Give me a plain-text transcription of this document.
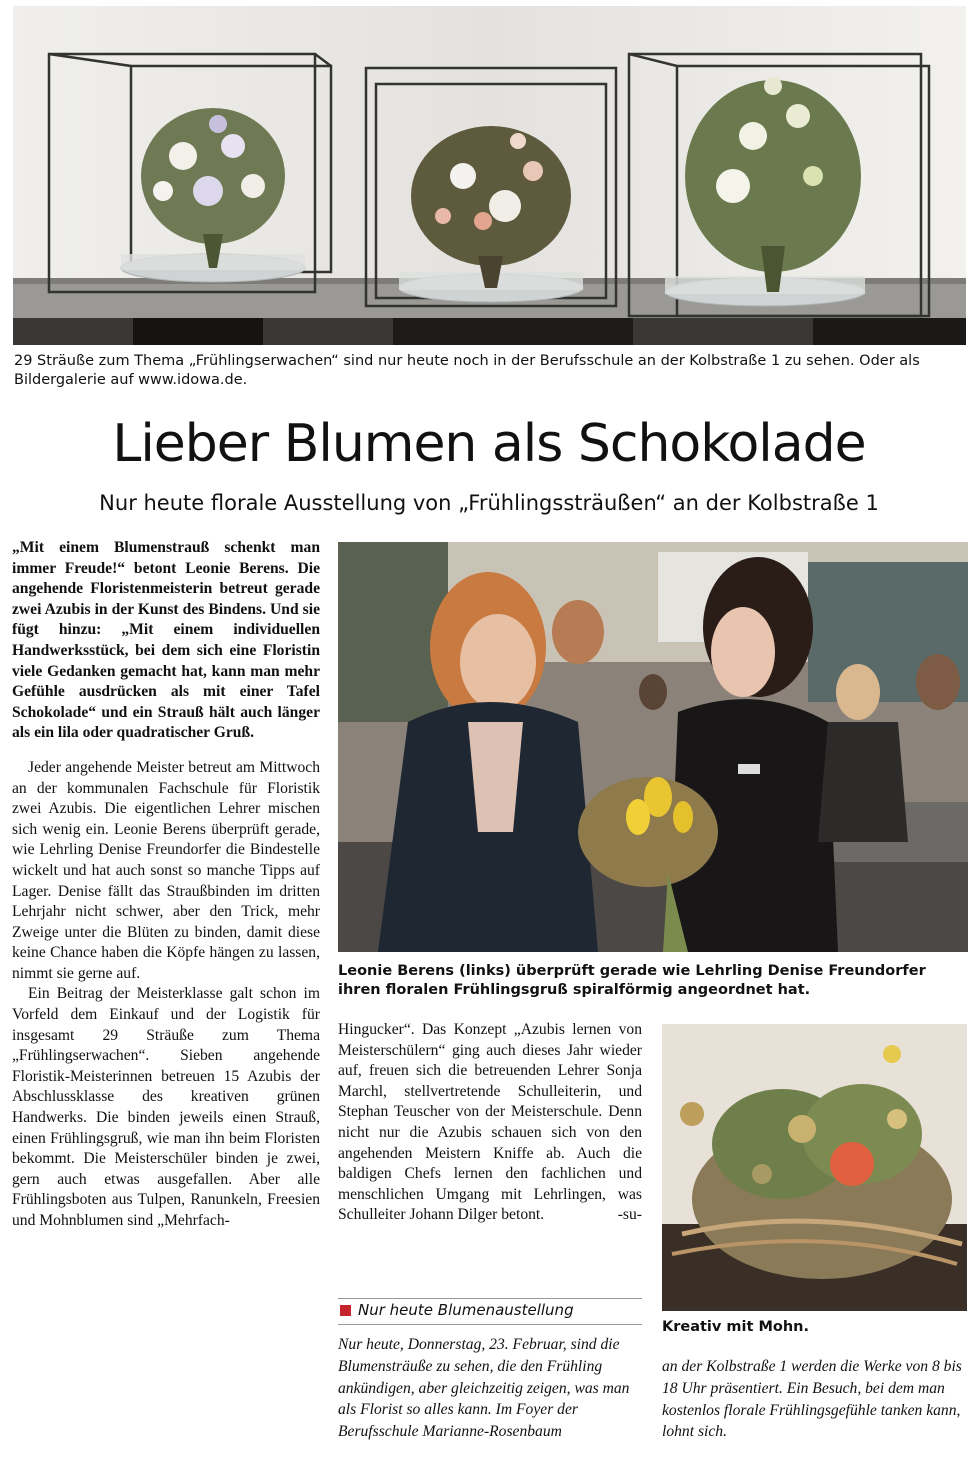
29 Sträuße zum Thema „Frühlingserwachen“ sind nur heute noch in der Berufsschule an der Kolbstraße 1 zu sehen. Oder als Bildergalerie auf www.idowa.de.
Lieber Blumen als Schokolade
Nur heute florale Ausstellung von „Frühlingssträußen“ an der Kolbstraße 1

„Mit einem Blumenstrauß schenkt man immer Freude!“ betont Leonie Berens. Die angehende Floristenmeisterin betreut gerade zwei Azubis in der Kunst des Bindens. Und sie fügt hinzu: „Mit einem individuellen Handwerksstück, bei dem sich eine Floristin viele Gedanken gemacht hat, kann man mehr Gefühle ausdrücken als mit einer Tafel Schokolade“ und ein Strauß hält auch länger als ein lila oder quadratischer Gruß.

Jeder angehende Meister betreut am Mittwoch an der kommunalen Fachschule für Floristik zwei Azubis. Die eigentlichen Lehrer mischen sich wenig ein. Leonie Berens überprüft gerade, wie Lehrling Denise Freundorfer die Bindestelle wickelt und hat auch sonst so manche Tipps auf Lager. Denise fällt das Straußbinden im dritten Lehrjahr nicht schwer, aber den Trick, mehr Zweige unter die Blüten zu binden, damit diese keine Chance haben die Köpfe hängen zu lassen, nimmt sie gerne auf.

Ein Beitrag der Meisterklasse galt schon im Vorfeld dem Einkauf und der Logistik für insgesamt 29 Sträuße zum Thema „Frühlingserwachen“. Sieben angehende Floristik-Meisterinnen betreuen 15 Azubis der Abschlussklasse des kreativen grünen Handwerks. Die binden jeweils einen Strauß, einen Frühlingsgruß, wie man ihn beim Floristen bekommt. Die Meisterschüler binden je zwei, gern auch etwas ausgefallen. Aber alle Frühlingsboten aus Tulpen, Ranunkeln, Freesien und Mohnblumen sind „Mehrfach-

Leonie Berens (links) überprüft gerade wie Lehrling Denise Freundorfer ihren floralen Frühlingsgruß spiralförmig angeordnet hat.

Hingucker“. Das Konzept „Azubis lernen von Meisterschülern“ ging auch dieses Jahr wieder auf, freuen sich die betreuenden Lehrer Sonja Marchl, stellvertretende Schulleiterin, und Stephan Teuscher von der Meisterschule. Denn nicht nur die Azubis schauen sich von den angehenden Meistern Kniffe ab. Auch die baldigen Chefs lernen den fachlichen und menschlichen Umgang mit Lehrlingen, was Schulleiter Johann Dilger betont.	-su-

Nur heute Blumenaustellung

Nur heute, Donnerstag, 23. Februar, sind die Blumensträuße zu sehen, die den Frühling ankündigen, aber gleichzeitig zeigen, was man als Florist so alles kann. Im Foyer der Berufsschule Marianne-Rosenbaum

Kreativ mit Mohn.

an der Kolbstraße 1 werden die Werke von 8 bis 18 Uhr präsentiert. Ein Besuch, bei dem man kostenlos florale Frühlingsgefühle tanken kann, lohnt sich.
